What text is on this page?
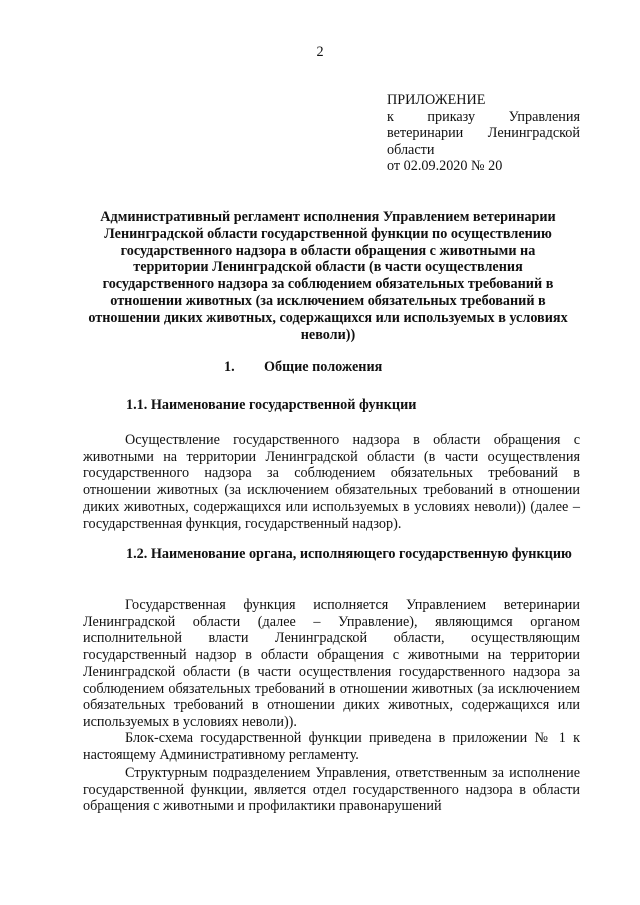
2
ПРИЛОЖЕНИЕ
к приказу Управления
ветеринарии Ленинградской
области
от 02.09.2020 № 20
Административный регламент исполнения Управлением ветеринарии Ленинградской области государственной функции по осуществлению государственного надзора в области обращения с животными на территории Ленинградской области (в части осуществления государственного надзора за соблюдением обязательных требований в отношении животных (за исключением обязательных требований в отношении диких животных, содержащихся или используемых в условиях неволи))
1. Общие положения
1.1. Наименование государственной функции
Осуществление государственного надзора в области обращения с животными на территории Ленинградской области (в части осуществления государственного надзора за соблюдением обязательных требований в отношении животных (за исключением обязательных требований в отношении диких животных, содержащихся или используемых в условиях неволи)) (далее – государственная функция, государственный надзор).
1.2. Наименование органа, исполняющего государственную функцию
Государственная функция исполняется Управлением ветеринарии Ленинградской области (далее – Управление), являющимся органом исполнительной власти Ленинградской области, осуществляющим государственный надзор в области обращения с животными на территории Ленинградской области (в части осуществления государственного надзора за соблюдением обязательных требований в отношении животных (за исключением обязательных требований в отношении диких животных, содержащихся или используемых в условиях неволи)).
Блок-схема государственной функции приведена в приложении № 1 к настоящему Административному регламенту.
Структурным подразделением Управления, ответственным за исполнение государственной функции, является отдел государственного надзора в области обращения с животными и профилактики правонарушений
